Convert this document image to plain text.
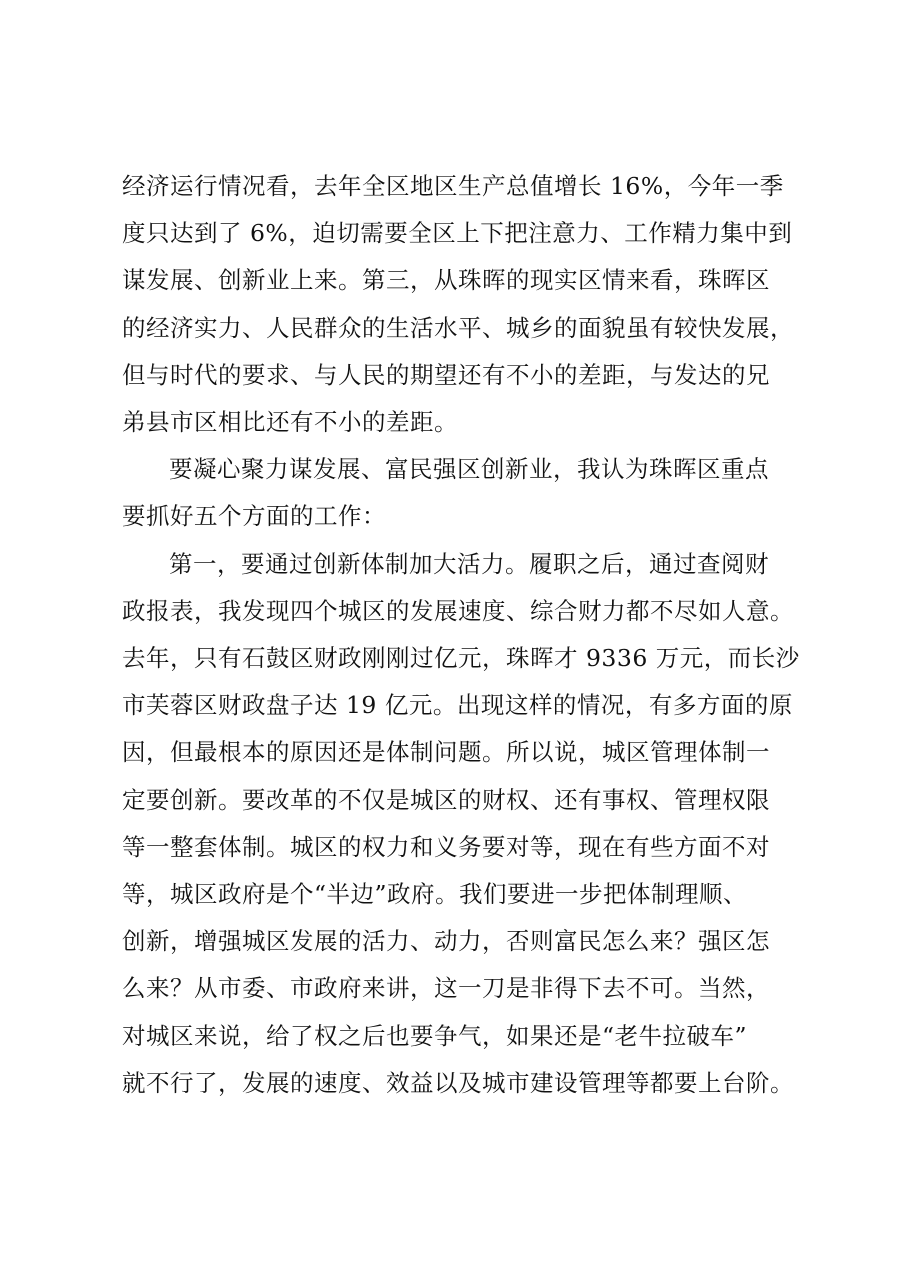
经济运行情况看，去年全区地区生产总值增长 16%，今年一季
度只达到了 6%，迫切需要全区上下把注意力、工作精力集中到
谋发展、创新业上来。第三，从珠晖的现实区情来看，珠晖区
的经济实力、人民群众的生活水平、城乡的面貌虽有较快发展，
但与时代的要求、与人民的期望还有不小的差距，与发达的兄
弟县市区相比还有不小的差距。

要凝心聚力谋发展、富民强区创新业，我认为珠晖区重点
要抓好五个方面的工作：

第一，要通过创新体制加大活力。履职之后，通过查阅财
政报表，我发现四个城区的发展速度、综合财力都不尽如人意。
去年，只有石鼓区财政刚刚过亿元，珠晖才 9336 万元，而长沙
市芙蓉区财政盘子达 19 亿元。出现这样的情况，有多方面的原
因，但最根本的原因还是体制问题。所以说，城区管理体制一
定要创新。要改革的不仅是城区的财权、还有事权、管理权限
等一整套体制。城区的权力和义务要对等，现在有些方面不对
等，城区政府是个“半边”政府。我们要进一步把体制理顺、
创新，增强城区发展的活力、动力，否则富民怎么来？强区怎
么来？从市委、市政府来讲，这一刀是非得下去不可。当然，
对城区来说，给了权之后也要争气，如果还是“老牛拉破车”
就不行了，发展的速度、效益以及城市建设管理等都要上台阶。
